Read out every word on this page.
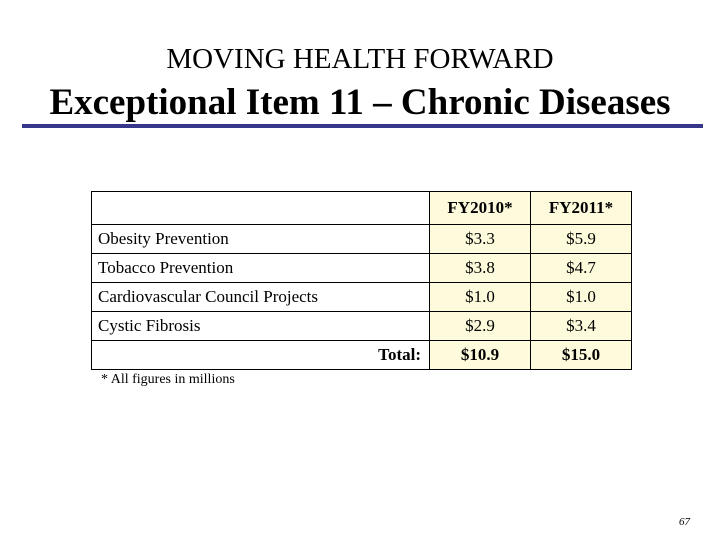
MOVING HEALTH FORWARD
Exceptional Item 11 – Chronic Diseases
	FY2010*	FY2011*
Obesity Prevention	$3.3	$5.9
Tobacco Prevention	$3.8	$4.7
Cardiovascular Council Projects	$1.0	$1.0
Cystic Fibrosis	$2.9	$3.4
Total:	$10.9	$15.0
* All figures in millions
67
